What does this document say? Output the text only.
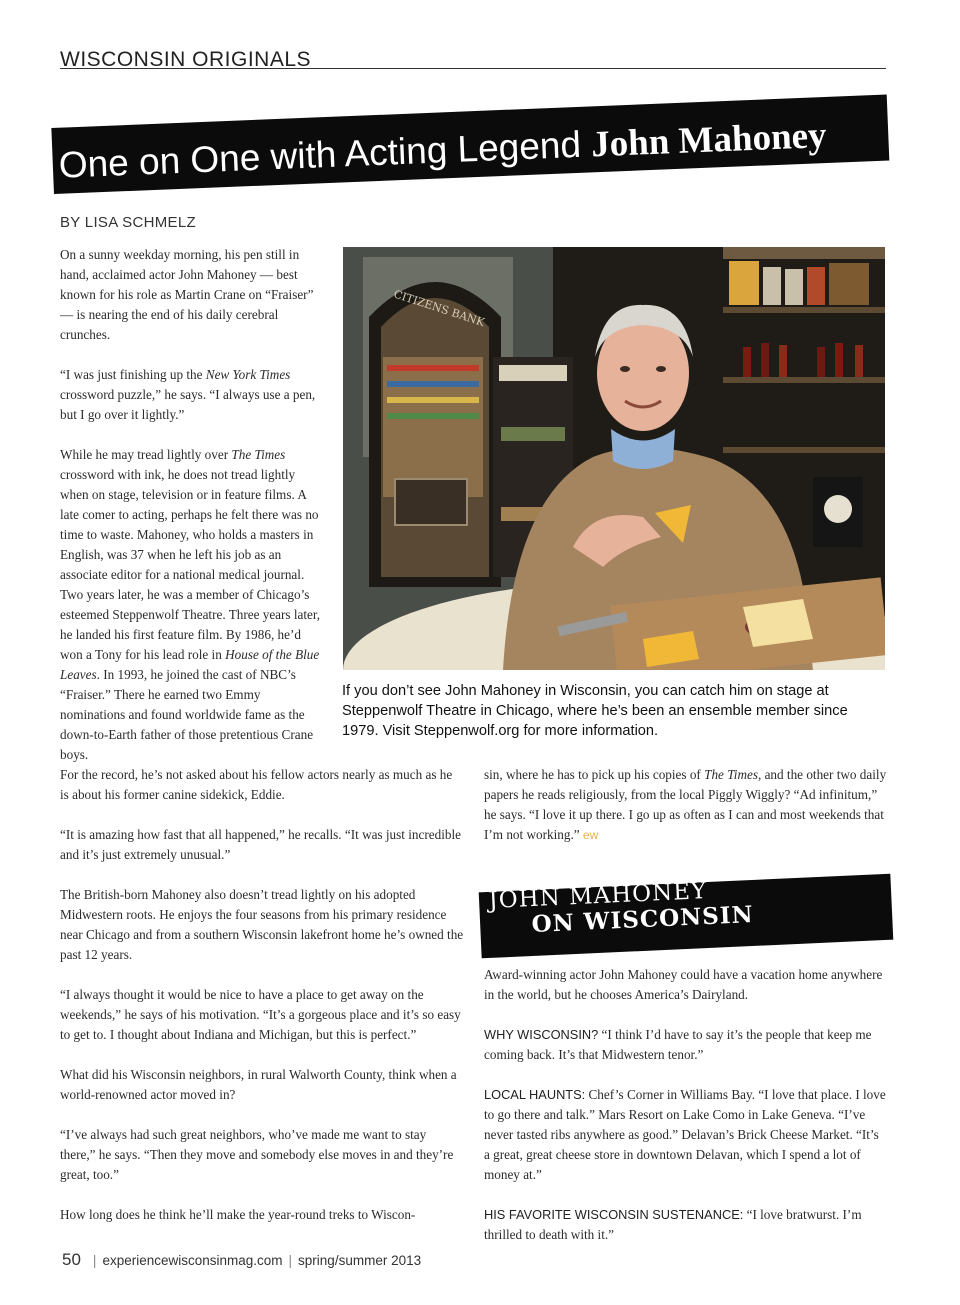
WISCONSIN ORIGINALS
One on One with Acting Legend John Mahoney
BY LISA SCHMELZ

On a sunny weekday morning, his pen still in hand, acclaimed actor John Mahoney — best known for his role as Martin Crane on “Fraiser” — is nearing the end of his daily cerebral crunches.

“I was just finishing up the New York Times crossword puzzle,” he says. “I always use a pen, but I go over it lightly.”

While he may tread lightly over The Times crossword with ink, he does not tread lightly when on stage, television or in feature films. A late comer to acting, perhaps he felt there was no time to waste. Mahoney, who holds a masters in English, was 37 when he left his job as an associate editor for a national medical journal. Two years later, he was a member of Chicago’s esteemed Steppenwolf Theatre. Three years later, he landed his first feature film. By 1986, he’d won a Tony for his lead role in House of the Blue Leaves. In 1993, he joined the cast of NBC’s “Fraiser.” There he earned two Emmy nominations and found worldwide fame as the down-to-Earth father of those pretentious Crane boys.

CITIZENS BANK
If you don’t see John Mahoney in Wisconsin, you can catch him on stage at Steppenwolf Theatre in Chicago, where he’s been an ensemble member since 1979. Visit Steppenwolf.org for more information.

For the record, he’s not asked about his fellow actors nearly as much as he is about his former canine sidekick, Eddie.

“It is amazing how fast that all happened,” he recalls. “It was just incredible and it’s just extremely unusual.”

The British-born Mahoney also doesn’t tread lightly on his adopted Midwestern roots. He enjoys the four seasons from his primary residence near Chicago and from a southern Wisconsin lakefront home he’s owned the past 12 years.

“I always thought it would be nice to have a place to get away on the weekends,” he says of his motivation. “It’s a gorgeous place and it’s so easy to get to. I thought about Indiana and Michigan, but this is perfect.”

What did his Wisconsin neighbors, in rural Walworth County, think when a world-renowned actor moved in?

“I’ve always had such great neighbors, who’ve made me want to stay there,” he says. “Then they move and somebody else moves in and they’re great, too.”

How long does he think he’ll make the year-round treks to Wiscon-

sin, where he has to pick up his copies of The Times, and the other two daily papers he reads religiously, from the local Piggly Wiggly? “Ad infinitum,” he says. “I love it up there. I go up as often as I can and most weekends that I’m not working.” ew

JOHN MAHONEY
ON WISCONSIN

Award-winning actor John Mahoney could have a vacation home anywhere in the world, but he chooses America’s Dairyland.

WHY WISCONSIN? “I think I’d have to say it’s the people that keep me coming back. It’s that Midwestern tenor.”

LOCAL HAUNTS: Chef’s Corner in Williams Bay. “I love that place. I love to go there and talk.” Mars Resort on Lake Como in Lake Geneva. “I’ve never tasted ribs anywhere as good.” Delavan’s Brick Cheese Market. “It’s a great, great cheese store in downtown Delavan, which I spend a lot of money at.”

HIS FAVORITE WISCONSIN SUSTENANCE: “I love bratwurst. I’m thrilled to death with it.”

50 | experiencewisconsinmag.com | spring/summer 2013
